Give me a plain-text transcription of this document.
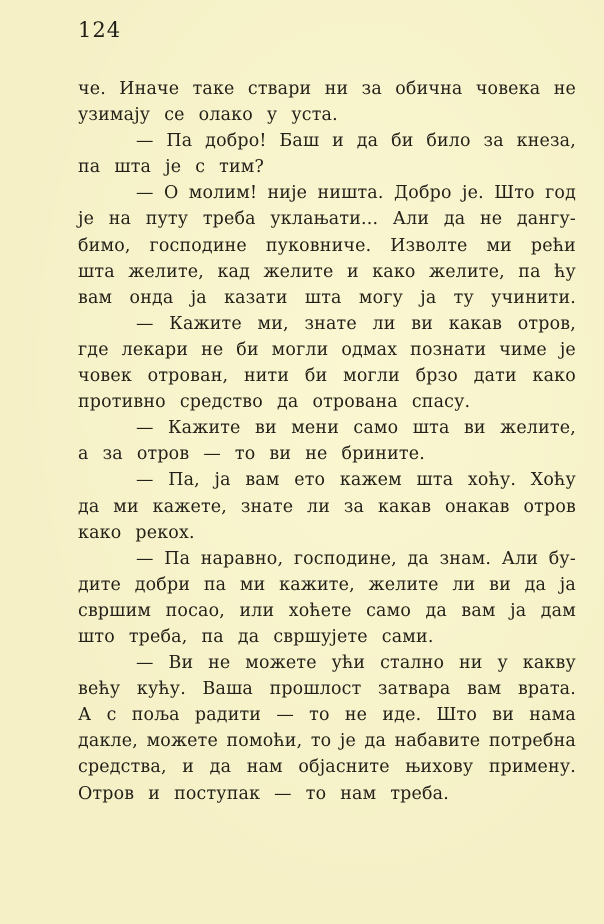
124
че. Иначе таке ствари ни за обична човека не
узимају се олако у уста.
— Па добро! Баш и да би било за кнеза,
па шта је с тим?
— О молим! није ништа. Добро је. Што год
је на путу треба уклањати... Али да не дангу-
бимо, господине пуковниче. Изволте ми рећи
шта желите, кад желите и како желите, па ћу
вам онда ја казати шта могу ја ту учинити.
— Кажите ми, знате ли ви какав отров,
где лекари не би могли одмах познати чиме је
човек отрован, нити би могли брзо дати како
противно средство да отрована спасу.
— Кажите ви мени само шта ви желите,
а за отров — то ви не брините.
— Па, ја вам ето кажем шта хоћу. Хоћу
да ми кажете, знате ли за какав онакав отров
како рекох.
— Па наравно, господине, да знам. Али бу-
дите добри па ми кажите, желите ли ви да ја
свршим посао, или хоћете само да вам ја дам
што треба, па да свршујете сами.
— Ви не можете ући стално ни у какву
већу кућу. Ваша прошлост затвара вам врата.
А с поља радити — то не иде. Што ви нама
дакле, можете помоћи, то је да набавите потребна
средства, и да нам објасните њихову примену.
Отров и поступак — то нам треба.
